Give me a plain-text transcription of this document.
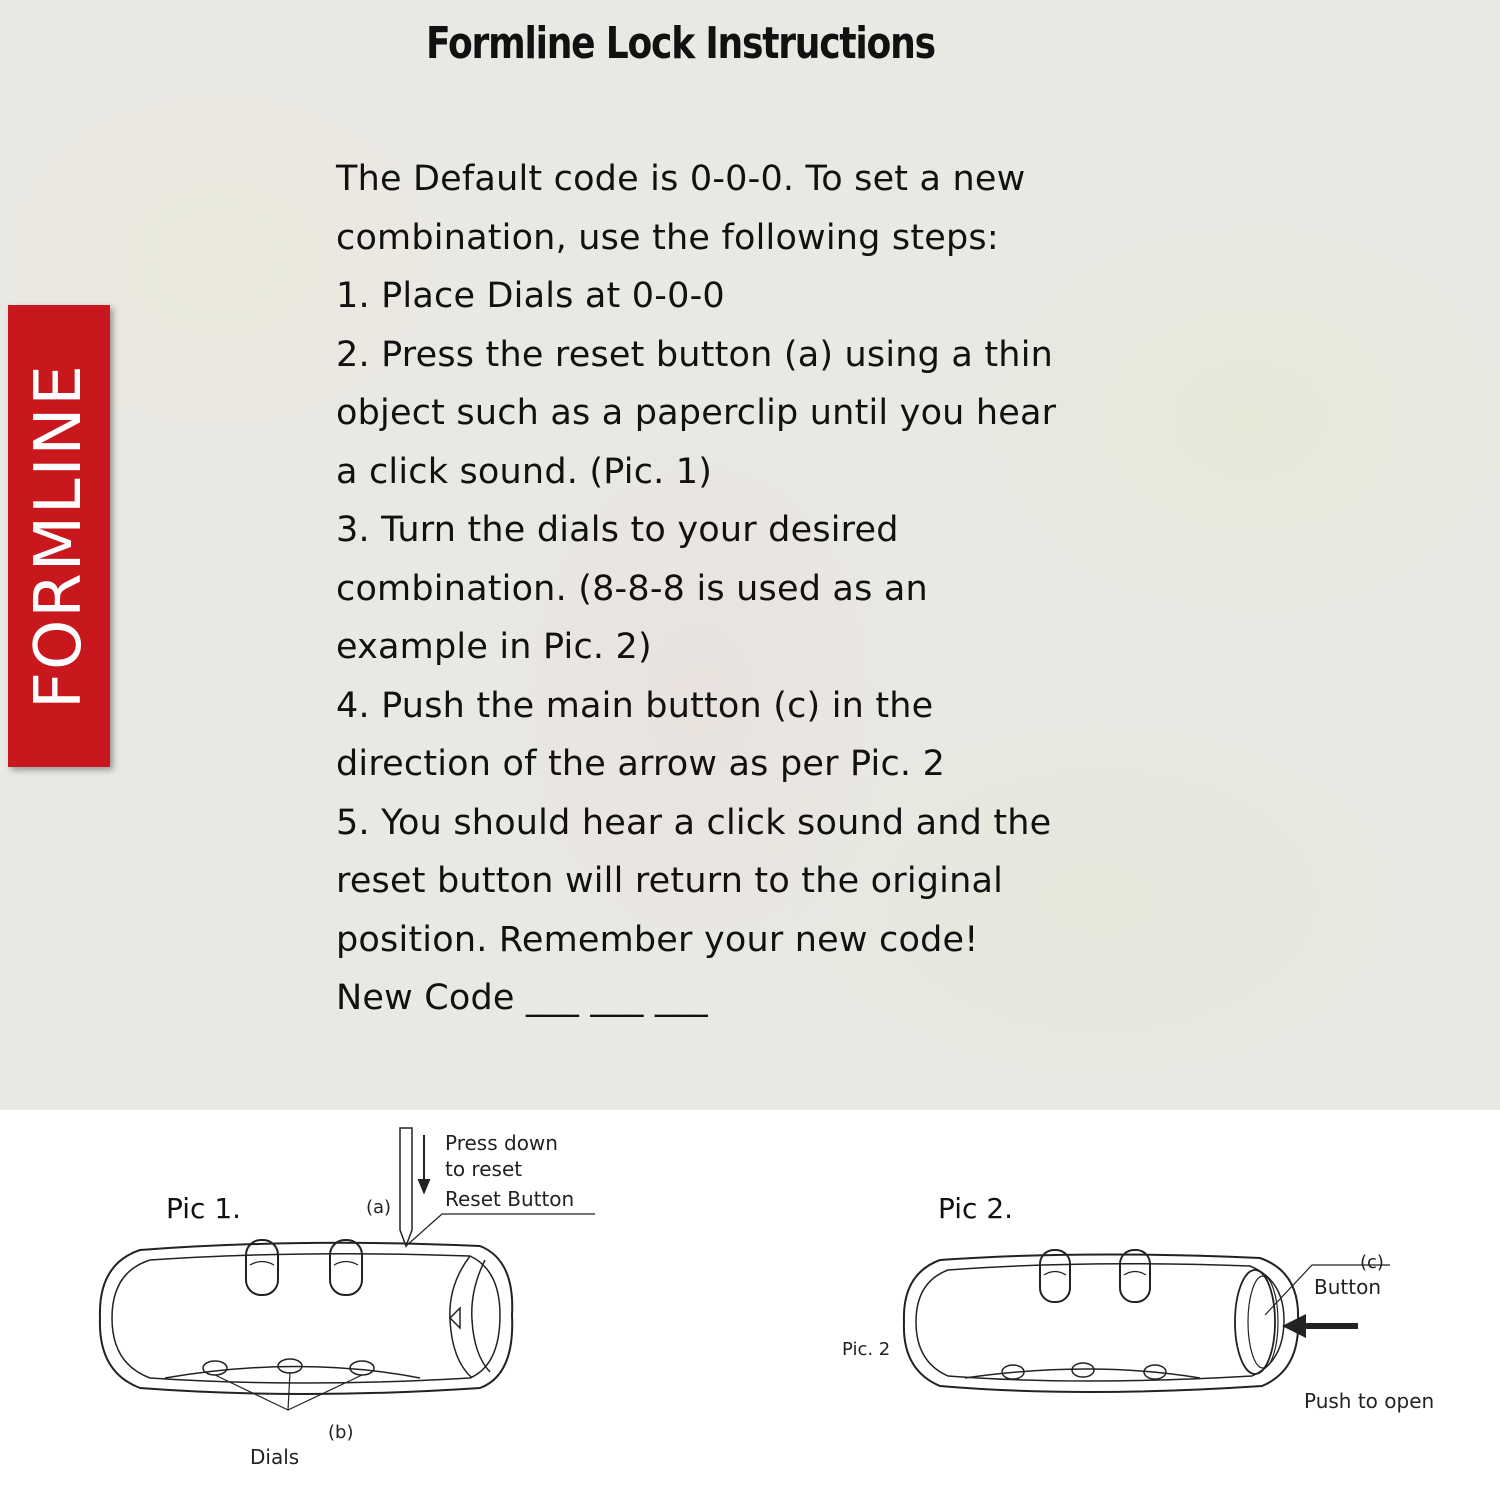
Formline Lock Instructions
FORMLINE
The Default code is 0-0-0. To set a new
combination, use the following steps:
1. Place Dials at 0-0-0
2. Press the reset button (a) using a thin
object such as a paperclip until you hear
a click sound. (Pic. 1)
3. Turn the dials to your desired
combination. (8-8-8 is used as an
example in Pic. 2)
4. Push the main button (c) in the
direction of the arrow as per Pic. 2
5. You should hear a click sound and the
reset button will return to the original
position. Remember your new code!
New Code ___ ___ ___
Pic 1.
Press down
to reset
Reset Button
(a)
(b)
Dials
Pic 2.
Pic. 2
(c)
Button
Push to open
